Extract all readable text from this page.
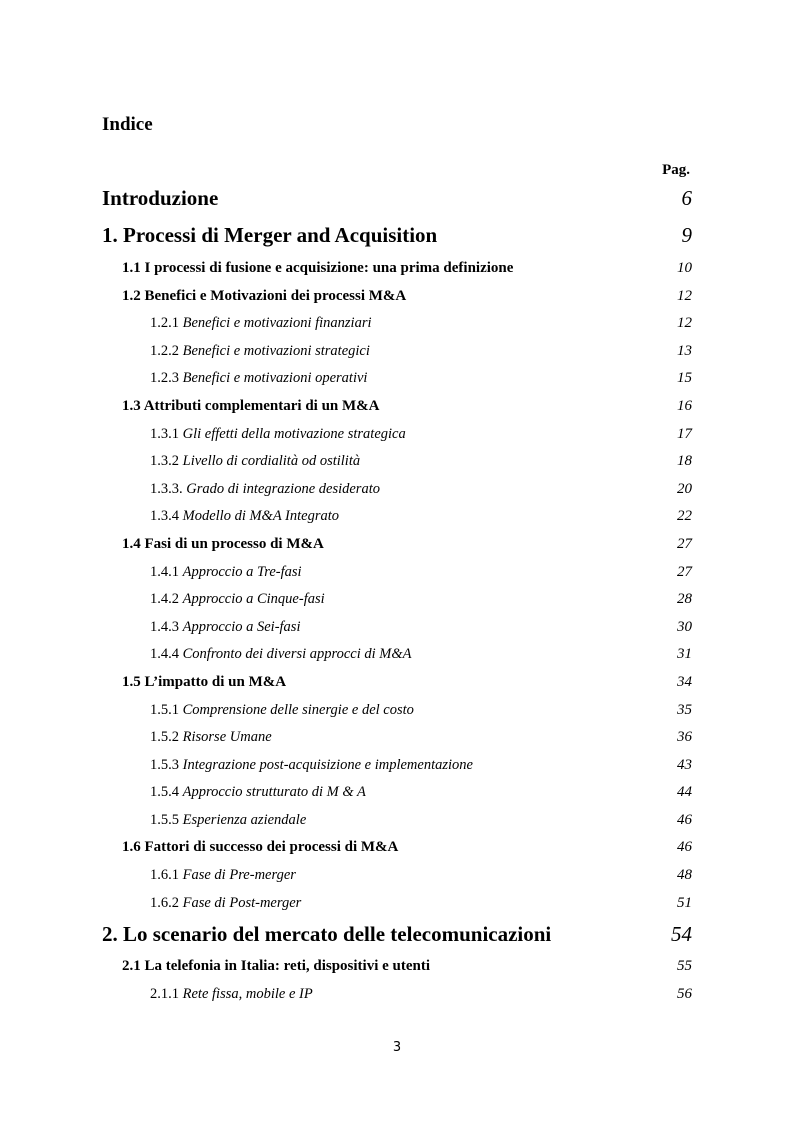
Indice
Pag.
Introduzione	6
1. Processi di Merger and Acquisition	9
1.1 I processi di fusione e acquisizione: una prima definizione	10
1.2 Benefici e Motivazioni dei processi M&A	12
1.2.1 Benefici e motivazioni finanziari	12
1.2.2 Benefici e motivazioni strategici	13
1.2.3 Benefici e motivazioni operativi	15
1.3 Attributi complementari di un M&A	16
1.3.1 Gli effetti della motivazione strategica	17
1.3.2 Livello di cordialità od ostilità	18
1.3.3. Grado di integrazione desiderato	20
1.3.4 Modello di M&A Integrato	22
1.4 Fasi di un processo di M&A	27
1.4.1 Approccio a Tre-fasi	27
1.4.2 Approccio a Cinque-fasi	28
1.4.3 Approccio a Sei-fasi	30
1.4.4 Confronto dei diversi approcci di M&A	31
1.5 L’impatto di un M&A	34
1.5.1 Comprensione delle sinergie e del costo	35
1.5.2 Risorse Umane	36
1.5.3 Integrazione post-acquisizione e implementazione	43
1.5.4 Approccio strutturato di M & A	44
1.5.5 Esperienza aziendale	46
1.6 Fattori di successo dei processi di M&A	46
1.6.1 Fase di Pre-merger	48
1.6.2 Fase di Post-merger	51
2. Lo scenario del mercato delle telecomunicazioni	54
2.1 La telefonia in Italia: reti, dispositivi e utenti	55
2.1.1 Rete fissa, mobile e IP	56
3
